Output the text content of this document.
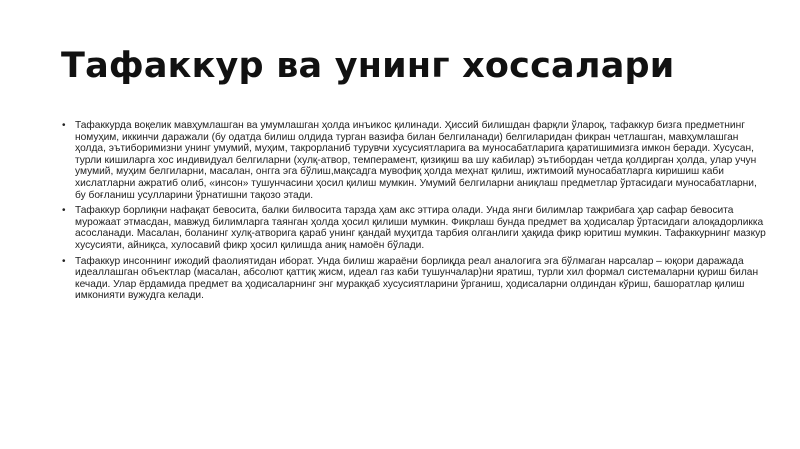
Тафаккур ва унинг хоссалари
• Тафаккурда воқелик мавҳумлашган ва умумлашган ҳолда инъикос қилинади. Ҳиссий билишдан фарқли ўлароқ, тафаккур бизга предметнинг номуҳим, иккинчи даражали (бу одатда билиш олдида турган вазифа билан белгиланади) белгиларидан фикран четлашган, мавҳумлашган ҳолда, эътиборимизни унинг умумий, муҳим, такрорланиб турувчи хусусиятларига ва муносабатларига қаратишимизга имкон беради. Хусусан, турли кишиларга хос индивидуал белгиларни (хулқ-атвор, темперамент, қизиқиш ва шу кабилар) эътибордан четда қолдирган ҳолда, улар учун умумий, муҳим белгиларни, масалан, онгга эга бўлиш,мақсадга мувофиқ ҳолда меҳнат қилиш, ижтимоий муносабатларга киришиш каби хислатларни ажратиб олиб, «инсон» тушунчасини ҳосил қилиш мумкин. Умумий белгиларни аниқлаш предметлар ўртасидаги муносабатларни, бу боғланиш усулларини ўрнатишни тақозо этади.
• Тафаккур борлиқни нафақат бевосита, балки билвосита тарзда ҳам акс эттира олади. Унда янги билимлар тажрибага ҳар сафар бевосита мурожаат этмасдан, мавжуд билимларга таянган ҳолда ҳосил қилиши мумкин. Фикрлаш бунда предмет ва ҳодисалар ўртасидаги алоқадорликка асосланади. Масалан, боланинг хулқ-атворига қараб унинг қандай муҳитда тарбия олганлиги ҳақида фикр юритиш мумкин. Тафаккурнинг мазкур хусусияти, айниқса, хулосавий фикр ҳосил қилишда аниқ намоён бўлади.
• Тафаккур инсоннинг ижодий фаолиятидан иборат. Унда билиш жараёни борлиқда реал аналогига эга бўлмаган нарсалар – юқори даражада идеаллашган объектлар (масалан, абсолют қаттиқ жисм, идеал газ каби тушунчалар)ни яратиш, турли хил формал системаларни қуриш билан кечади. Улар ёрдамида предмет ва ҳодисаларнинг энг муракқаб хусусиятларини ўрганиш, ҳодисаларни олдиндан кўриш, башоратлар қилиш имконияти вужудга келади.
